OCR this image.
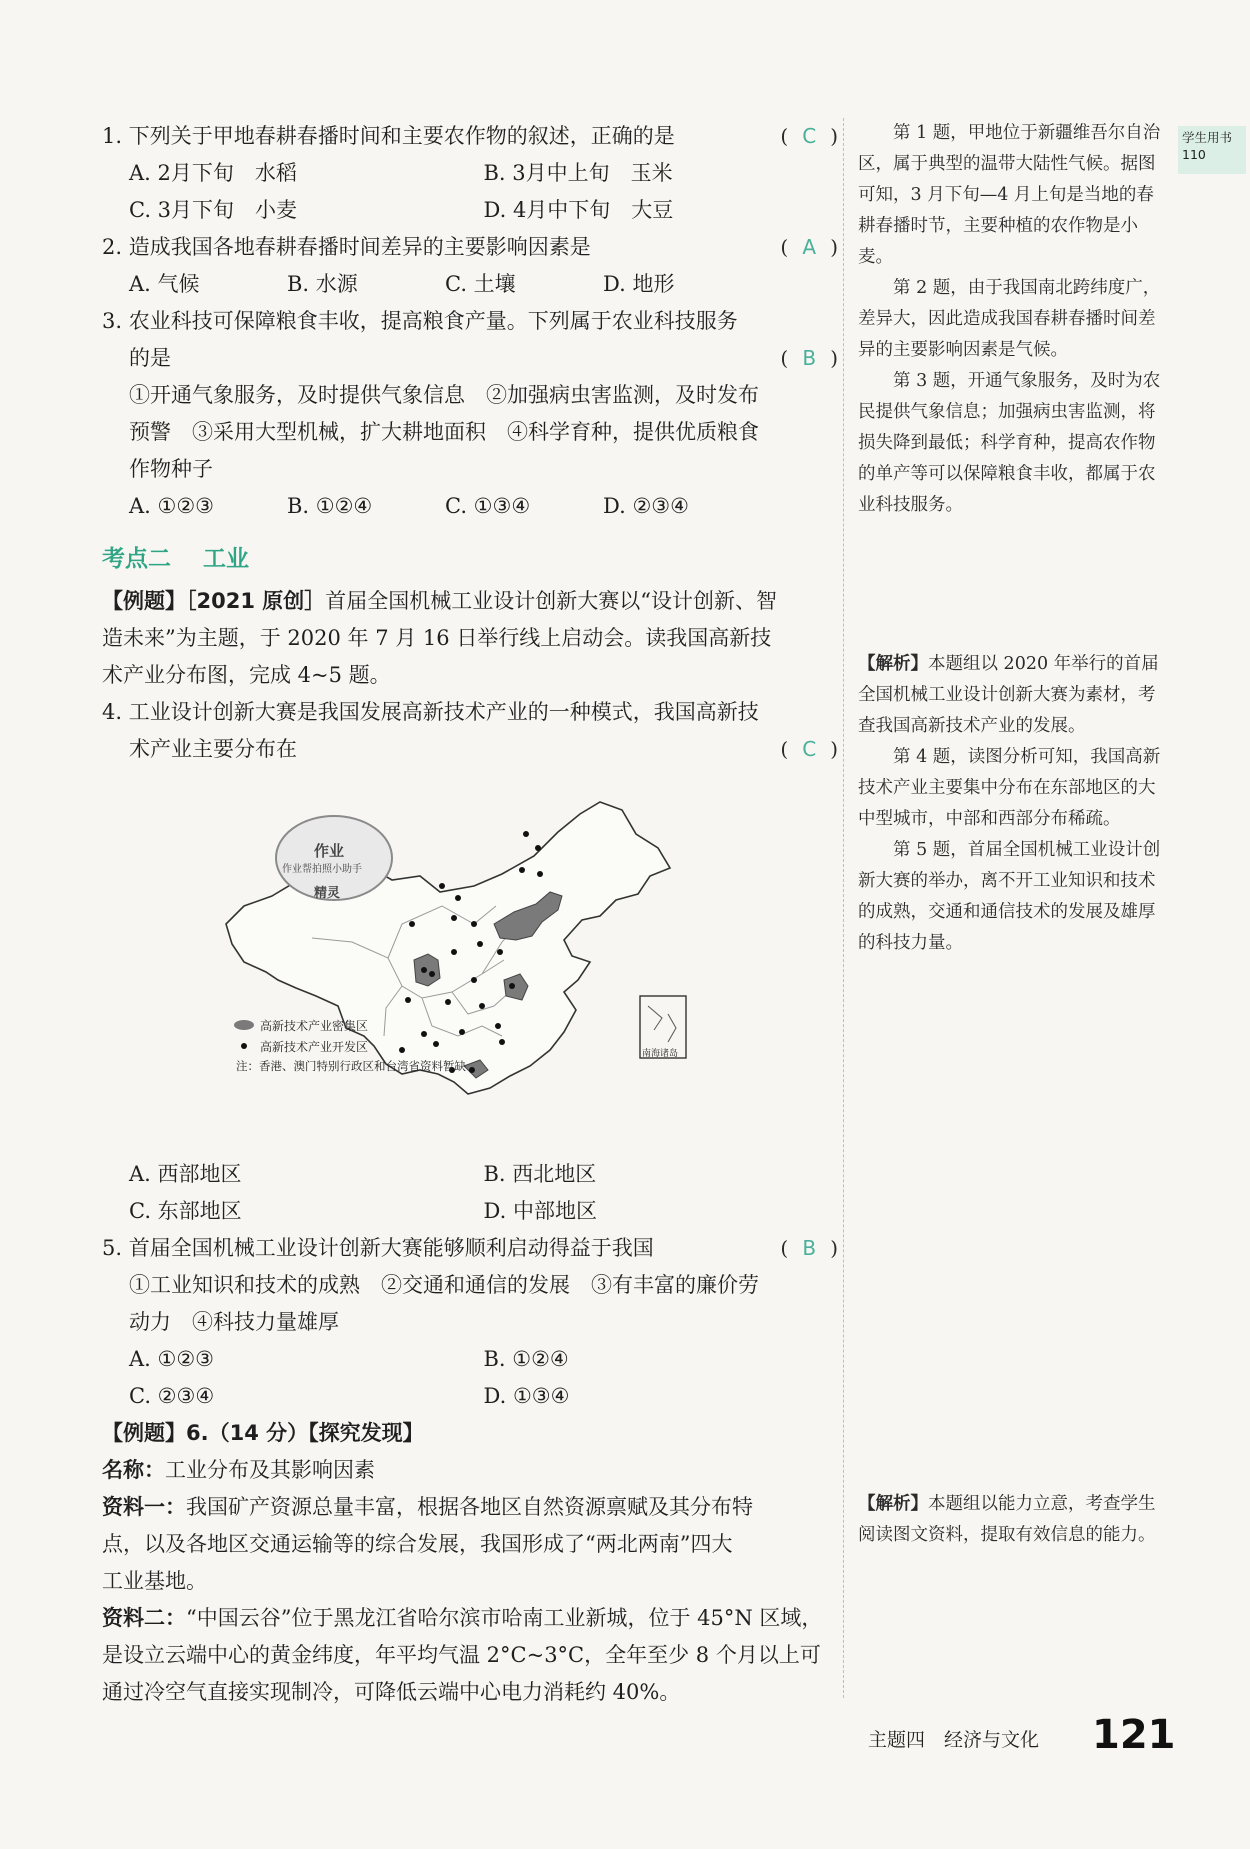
学生用书
110
1. 下列关于甲地春耕春播时间和主要农作物的叙述，正确的是	( C )
A. 2月下旬　水稻	B. 3月中上旬　玉米
C. 3月下旬　小麦	D. 4月中下旬　大豆
2. 造成我国各地春耕春播时间差异的主要影响因素是	( A )
A. 气候	B. 水源	C. 土壤	D. 地形
3. 农业科技可保障粮食丰收，提高粮食产量。下列属于农业科技服务
的是	( B )
①开通气象服务，及时提供气象信息　②加强病虫害监测，及时发布
预警　③采用大型机械，扩大耕地面积　④科学育种，提供优质粮食
作物种子
A. ①②③	B. ①②④	C. ①③④	D. ②③④
考点二 工业
【例题】［2021 原创］首届全国机械工业设计创新大赛以“设计创新、智
造未来”为主题，于 2020 年 7 月 16 日举行线上启动会。读我国高新技
术产业分布图，完成 4~5 题。
4. 工业设计创新大赛是我国发展高新技术产业的一种模式，我国高新技
术产业主要分布在	( C )
作业
作业帮拍照小助手
精灵
高新技术产业密集区
高新技术产业开发区
注：香港、澳门特别行政区和台湾省资料暂缺
南海诸岛
A. 西部地区	B. 西北地区
C. 东部地区	D. 中部地区
5. 首届全国机械工业设计创新大赛能够顺利启动得益于我国	( B )
①工业知识和技术的成熟　②交通和通信的发展　③有丰富的廉价劳
动力　④科技力量雄厚
A. ①②③	B. ①②④
C. ②③④	D. ①③④
【例题】6.（14 分）【探究发现】
名称：工业分布及其影响因素
资料一：我国矿产资源总量丰富，根据各地区自然资源禀赋及其分布特
点，以及各地区交通运输等的综合发展，我国形成了“两北两南”四大
工业基地。
资料二：“中国云谷”位于黑龙江省哈尔滨市哈南工业新城，位于 45°N 区域，
是设立云端中心的黄金纬度，年平均气温 2°C~3°C，全年至少 8 个月以上可
通过冷空气直接实现制冷，可降低云端中心电力消耗约 40%。

第 1 题，甲地位于新疆维吾尔自治区，属于典型的温带大陆性气候。据图可知，3 月下旬—4 月上旬是当地的春耕春播时节，主要种植的农作物是小麦。

第 2 题，由于我国南北跨纬度广，差异大，因此造成我国春耕春播时间差异的主要影响因素是气候。

第 3 题，开通气象服务，及时为农民提供气象信息；加强病虫害监测，将损失降到最低；科学育种，提高农作物的单产等可以保障粮食丰收，都属于农业科技服务。

【解析】本题组以 2020 年举行的首届全国机械工业设计创新大赛为素材，考查我国高新技术产业的发展。

第 4 题，读图分析可知，我国高新技术产业主要集中分布在东部地区的大中型城市，中部和西部分布稀疏。

第 5 题，首届全国机械工业设计创新大赛的举办，离不开工业知识和技术的成熟，交通和通信技术的发展及雄厚的科技力量。

【解析】本题组以能力立意，考查学生阅读图文资料，提取有效信息的能力。
主题四　经济与文化 121
